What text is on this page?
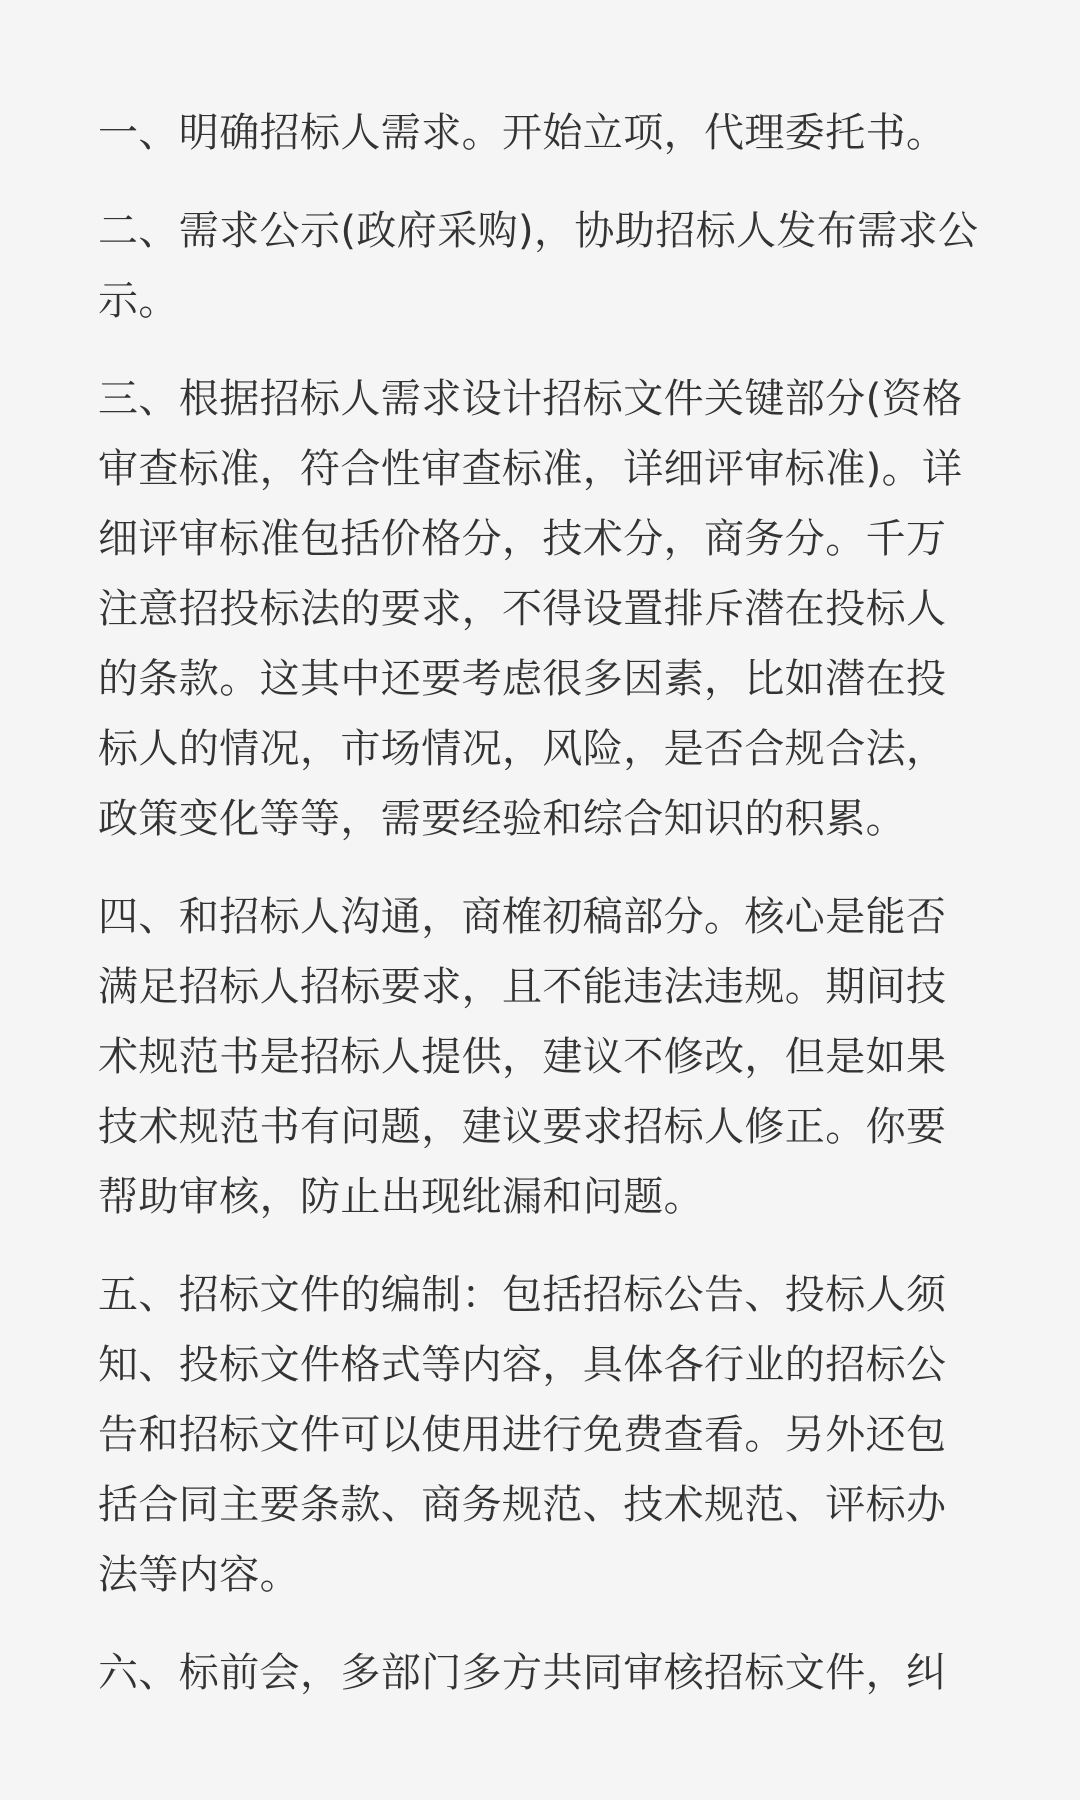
一、明确招标人需求。开始立项，代理委托书。

二、需求公示(政府采购)，协助招标人发布需求公示。

三、根据招标人需求设计招标文件关键部分(资格审查标准，符合性审查标准，详细评审标准)。详细评审标准包括价格分，技术分，商务分。千万注意招投标法的要求，不得设置排斥潜在投标人的条款。这其中还要考虑很多因素，比如潜在投标人的情况，市场情况，风险，是否合规合法，政策变化等等，需要经验和综合知识的积累。

四、和招标人沟通，商榷初稿部分。核心是能否满足招标人招标要求，且不能违法违规。期间技术规范书是招标人提供，建议不修改，但是如果技术规范书有问题，建议要求招标人修正。你要帮助审核，防止出现纰漏和问题。

五、招标文件的编制：包括招标公告、投标人须知、投标文件格式等内容，具体各行业的招标公告和招标文件可以使用进行免费查看。另外还包括合同主要条款、商务规范、技术规范、评标办法等内容。

六、标前会，多部门多方共同审核招标文件，纠
